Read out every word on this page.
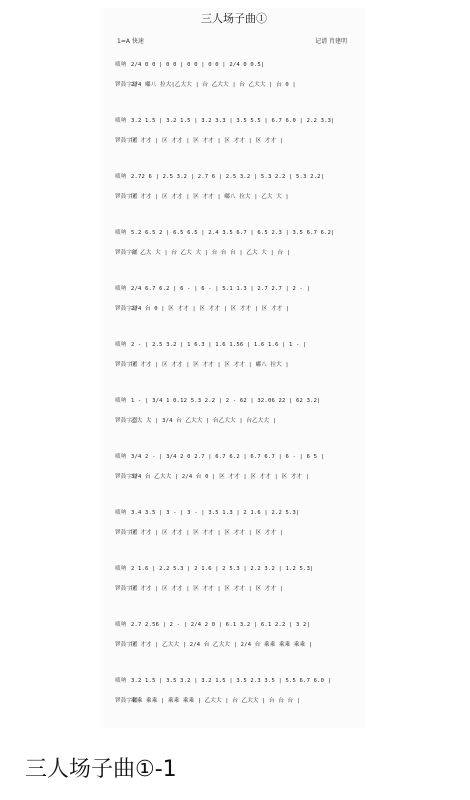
三人场子曲①
1=A 快速	记谱 肖建明
唢呐 2/4 0 0 | 0 0 | 0 0 | 0 0 | 2/4 0 0.5|
锣鼓字谱2/4 嘟八 拉大|乙大大 | 台 乙大大 | 台 乙大大 | 台 0 |
唢呐 3.2 1.5 | 3.2 1.5 | 3.2 3.3 | 3.5 5.5 | 6.7 6.0 | 2.2 3.3|
锣鼓字谱区 才才 | 区 才才 | 区 才才 | 区 才才 | 区 才才 |
唢呐 2.72 6 | 2.5 3.2 | 2.7 6 | 2.5 3.2 | 5.3 2.2 | 5.3 2.2|
锣鼓字谱区 才才 | 区 才才 | 区 才才 | 嘟八 拉大 | 乙大 大 |
唢呐 5.2 6.5 2 | 6.5 6.5 | 2.4 3.5 6.7 | 6.5 2.3 | 3.5 6.7 6.2|
锣鼓字谱台 乙大 大 | 台 乙大 大 | 台 台 台 | 乙大 大 | 台 |
唢呐 2/4 6.7 6.2 | 6 - | 6 - | 5.1 1.3 | 2.7 2.7 | 2 - |
锣鼓字谱2/4 台 0 | 区 才才 | 区 才才 | 区 才才 | 区 才才 |
唢呐 2 - | 2.5 3.2 | 1 6.3 | 1.6 1.56 | 1.6 1.6 | 1 - |
锣鼓字谱区 才才 | 区 才才 | 区 才才 | 区 才才 | 嘟八 拉大 |
唢呐 1 - | 3/4 1 0.12 5.3 2.2 | 2 - 62 | 32.06 22 | 62 3.2|
锣鼓字谱乙大 大 | 3/4 台 乙大大 | 台乙大大 | 台乙大大 |
唢呐 3/4 2 - | 3/4 2 0 2.7 | 6.7 6.2 | 6.7 6.7 | 6 - | 6 5 |
锣鼓字谱3/4 台 乙大大 | 2/4 台 0 | 区 才才 | 区 才才 | 区 才才 |
唢呐 3.4 3.5 | 3 - | 3 - | 3.5 1.3 | 2 1.6 | 2.2 5.3|
锣鼓字谱区 才才 | 区 才才 | 区 才才 | 区 才才 | 区 才才 |
唢呐 2 1.6 | 2.2 5.3 | 2 1.6 | 2 5.3 | 2.2 3.2 | 1.2 5.3|
锣鼓字谱区 才才 | 区 才才 | 区 才才 | 区 才才 | 区 才才 |
唢呐 2.7 2.56 | 2 - | 2/4 2 0 | 6.1 3.2 | 6.1 2.2 | 3 2|
锣鼓字谱区 才才 | 乙大大 | 2/4 台 乙大大 | 2/4 台 乘乘 乘乘 乘乘 |
唢呐 3.2 1.5 | 3.5 3.2 | 3.2 1.5 | 3.5 2.3 3.5 | 5.5 6.7 6.0 |
锣鼓字谱乘乘 乘乘 | 乘乘 乘乘 | 乙大大 | 台 乙大大 | 台 台 台 |
三人场子曲①-1
